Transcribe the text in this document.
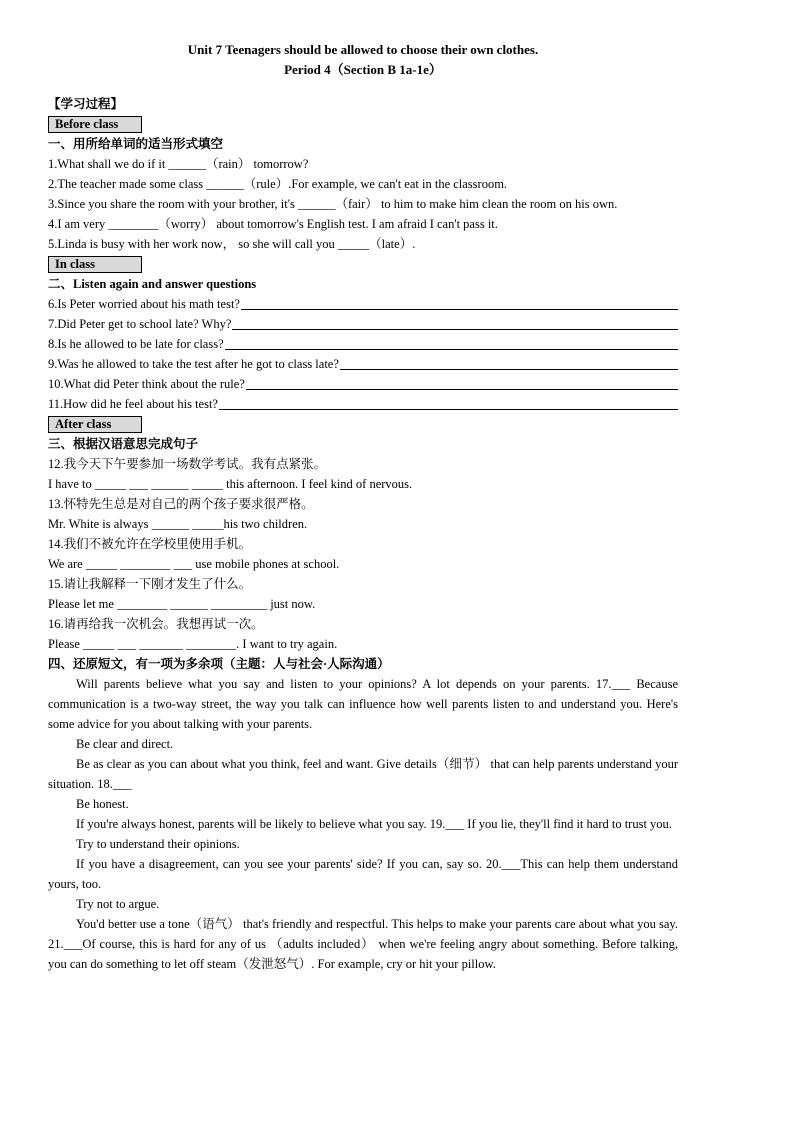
Unit 7 Teenagers should be allowed to choose their own clothes.
Period 4（Section B 1a-1e）
【学习过程】
Before class
一、用所给单词的适当形式填空
1.What shall we do if it ______（rain） tomorrow?
2.The teacher made some class ______（rule）.For example, we can't eat in the classroom.
3.Since you share the room with your brother, it's ______（fair） to him to make him clean the room on his own.
4.I am very ________（worry） about tomorrow's English test. I am afraid I can't pass it.
5.Linda is busy with her work now， so she will call you _____（late）.
In class
二、Listen again and answer questions
6.Is Peter worried about his math test?
7.Did Peter get to school late? Why?
8.Is he allowed to be late for class?
9.Was he allowed to take the test after he got to class late?
10.What did Peter think about the rule?
11.How did he feel about his test?
After class
三、根据汉语意思完成句子
12.我今天下午要参加一场数学考试。我有点紧张。
I have to _____ ___ ______ _____ this afternoon. I feel kind of nervous.
13.怀特先生总是对自己的两个孩子要求很严格。
Mr. White is always ______ _____his two children.
14.我们不被允许在学校里使用手机。
We are _____ ________ ___ use mobile phones at school.
15.请让我解释一下刚才发生了什么。
Please let me ________ ______ _________ just now.
16.请再给我一次机会。我想再试一次。
Please _____ ___ _______ ________. I want to try again.
四、还原短文，有一项为多余项（主题：人与社会·人际沟通）
Will parents believe what you say and listen to your opinions? A lot depends on your parents. 17.___ Because communication is a two-way street, the way you talk can influence how well parents listen to and understand you. Here's some advice for you about talking with your parents.
Be clear and direct.
Be as clear as you can about what you think, feel and want. Give details（细节） that can help parents understand your situation. 18.___
Be honest.
If you're always honest, parents will be likely to believe what you say. 19.___ If you lie, they'll find it hard to trust you.
Try to understand their opinions.
If you have a disagreement, can you see your parents' side? If you can, say so. 20.___This can help them understand yours, too.
Try not to argue.
You'd better use a tone（语气） that's friendly and respectful. This helps to make your parents care about what you say. 21.___Of course, this is hard for any of us （adults included） when we're feeling angry about something. Before talking, you can do something to let off steam（发泄怒气）. For example, cry or hit your pillow.
